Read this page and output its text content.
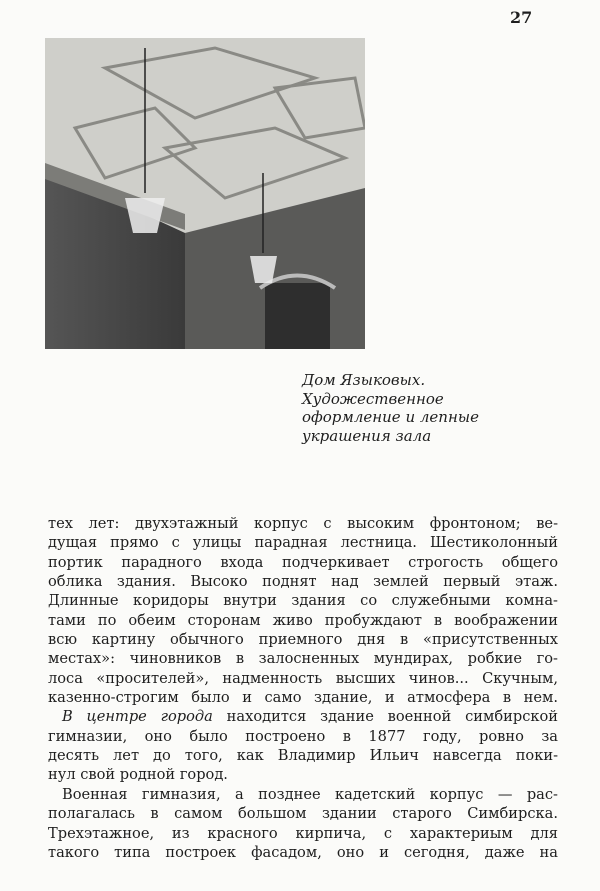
27
Дом Языковых.
Художественное
оформление и лепные
украшения зала
тех лет: двухэтажный корпус с высоким фронтоном; ве-
дущая прямо с улицы парадная лестница. Шестиколонный
портик парадного входа подчеркивает строгость общего
облика здания. Высоко поднят над землей первый этаж.
Длинные коридоры внутри здания со служебными комна-
тами по обеим сторонам живо пробуждают в воображении
всю картину обычного приемного дня в «присутственных
местах»: чиновников в залосненных мундирах, робкие го-
лоса «просителей», надменность высших чинов... Скучным,
казенно-строгим было и само здание, и атмосфера в нем.
В центре города находится здание военной симбирской
гимназии, оно было построено в 1877 году, ровно за
десять лет до того, как Владимир Ильич навсегда поки-
нул свой родной город.
Военная гимназия, а позднее кадетский корпус — рас-
полагалась в самом большом здании старого Симбирска.
Трехэтажное, из красного кирпича, с характериым для
такого типа построек фасадом, оно и сегодня, даже на
